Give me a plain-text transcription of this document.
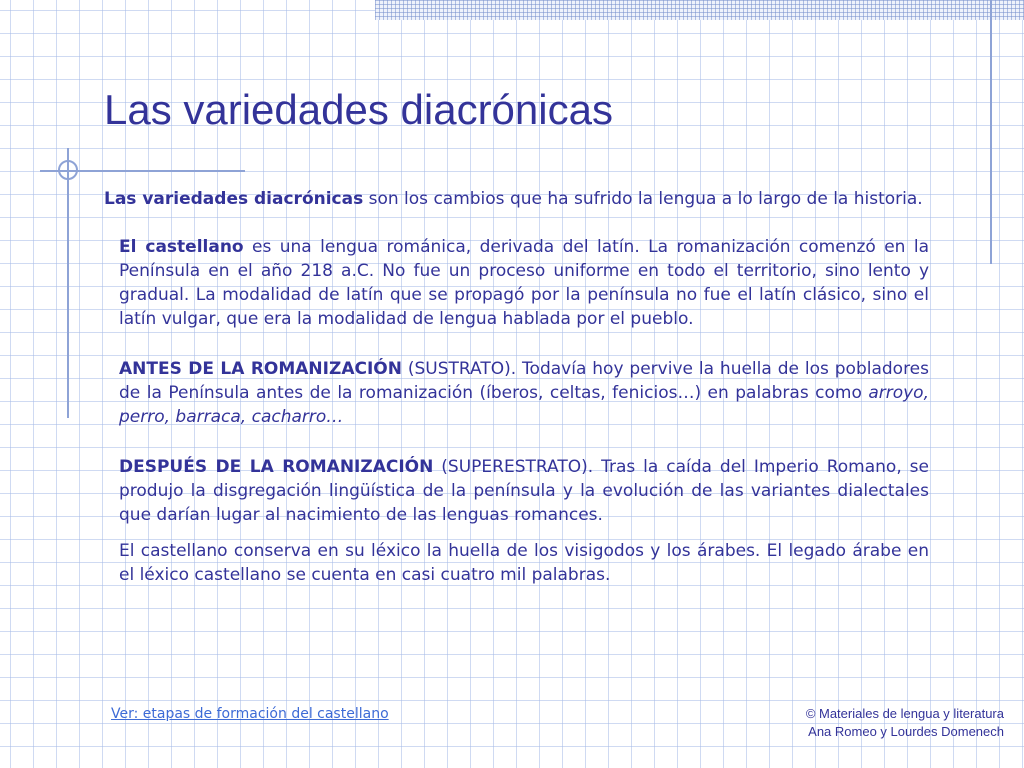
Las variedades diacrónicas

Las variedades diacrónicas son los cambios que ha sufrido la lengua a lo largo de la historia.

El castellano es una lengua románica, derivada del latín. La romanización comenzó en la Península en el año 218 a.C. No fue un proceso uniforme en todo el territorio, sino lento y gradual. La modalidad de latín que se propagó por la península no fue el latín clásico, sino el latín vulgar, que era la modalidad de lengua hablada por el pueblo.

ANTES DE LA ROMANIZACIÓN (SUSTRATO). Todavía hoy pervive la huella de los pobladores de la Península antes de la romanización (íberos, celtas, fenicios…) en palabras como arroyo, perro, barraca, cacharro…

DESPUÉS DE LA ROMANIZACIÓN (SUPERESTRATO). Tras la caída del Imperio Romano, se produjo la disgregación lingüística de la península y la evolución de las variantes dialectales que darían lugar al nacimiento de las lenguas romances.

El castellano conserva en su léxico la huella de los visigodos y los árabes. El legado árabe en el léxico castellano se cuenta en casi cuatro mil palabras.

Ver: etapas de formación del castellano	© Materiales de lengua y literatura
Ana Romeo y Lourdes Domenech
